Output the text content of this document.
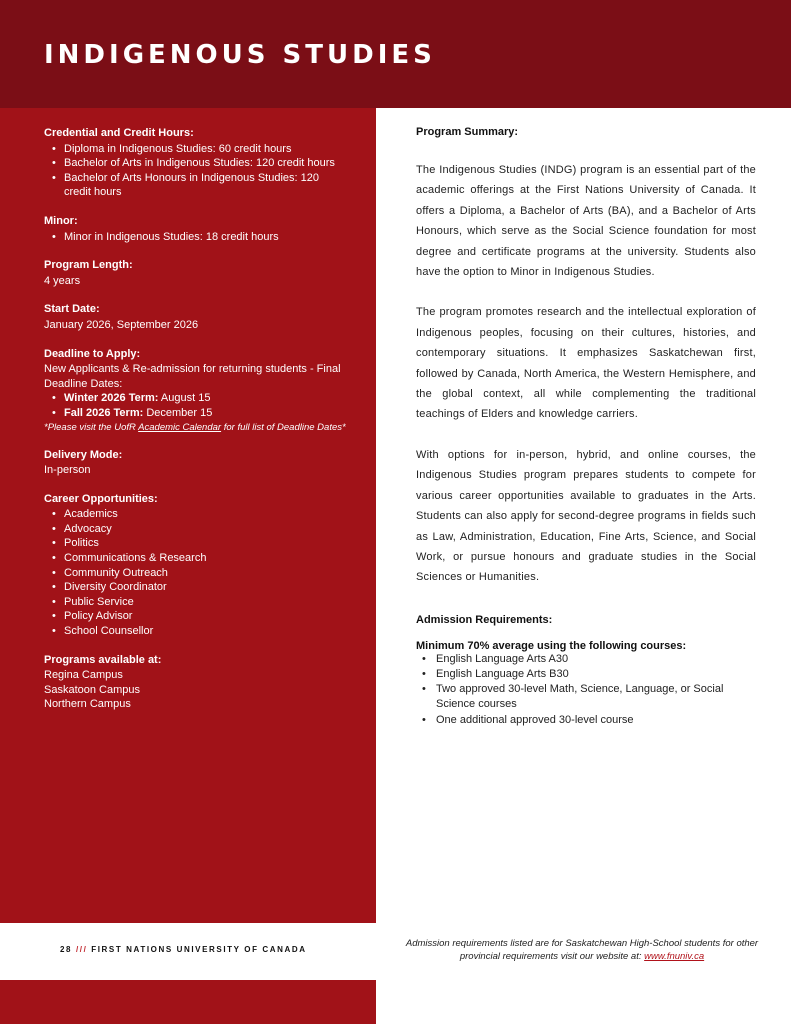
INDIGENOUS STUDIES
Credential and Credit Hours:
• Diploma in Indigenous Studies: 60 credit hours
• Bachelor of Arts in Indigenous Studies: 120 credit hours
• Bachelor of Arts Honours in Indigenous Studies: 120 credit hours
Minor:
• Minor in Indigenous Studies: 18 credit hours
Program Length:
4 years
Start Date:
January 2026, September 2026
Deadline to Apply:
New Applicants & Re-admission for returning students - Final Deadline Dates:
• Winter 2026 Term: August 15
• Fall 2026 Term: December 15
*Please visit the UofR Academic Calendar for full list of Deadline Dates*
Delivery Mode:
In-person
Career Opportunities:
• Academics
• Advocacy
• Politics
• Communications & Research
• Community Outreach
• Diversity Coordinator
• Public Service
• Policy Advisor
• School Counsellor
Programs available at:
Regina Campus
Saskatoon Campus
Northern Campus
Program Summary:

The Indigenous Studies (INDG) program is an essential part of the academic offerings at the First Nations University of Canada. It offers a Diploma, a Bachelor of Arts (BA), and a Bachelor of Arts Honours, which serve as the Social Science foundation for most degree and certificate programs at the university. Students also have the option to Minor in Indigenous Studies.

The program promotes research and the intellectual exploration of Indigenous peoples, focusing on their cultures, histories, and contemporary situations. It emphasizes Saskatchewan first, followed by Canada, North America, the Western Hemisphere, and the global context, all while complementing the traditional teachings of Elders and knowledge carriers.

With options for in-person, hybrid, and online courses, the Indigenous Studies program prepares students to compete for various career opportunities available to graduates in the Arts. Students can also apply for second-degree programs in fields such as Law, Administration, Education, Fine Arts, Science, and Social Work, or pursue honours and graduate studies in the Social Sciences or Humanities.

Admission Requirements:
Minimum 70% average using the following courses:
• English Language Arts A30
• English Language Arts B30
• Two approved 30-level Math, Science, Language, or Social Science courses
• One additional approved 30-level course
28 /// FIRST NATIONS UNIVERSITY OF CANADA
Admission requirements listed are for Saskatchewan High-School students for other provincial requirements visit our website at: www.fnuniv.ca
